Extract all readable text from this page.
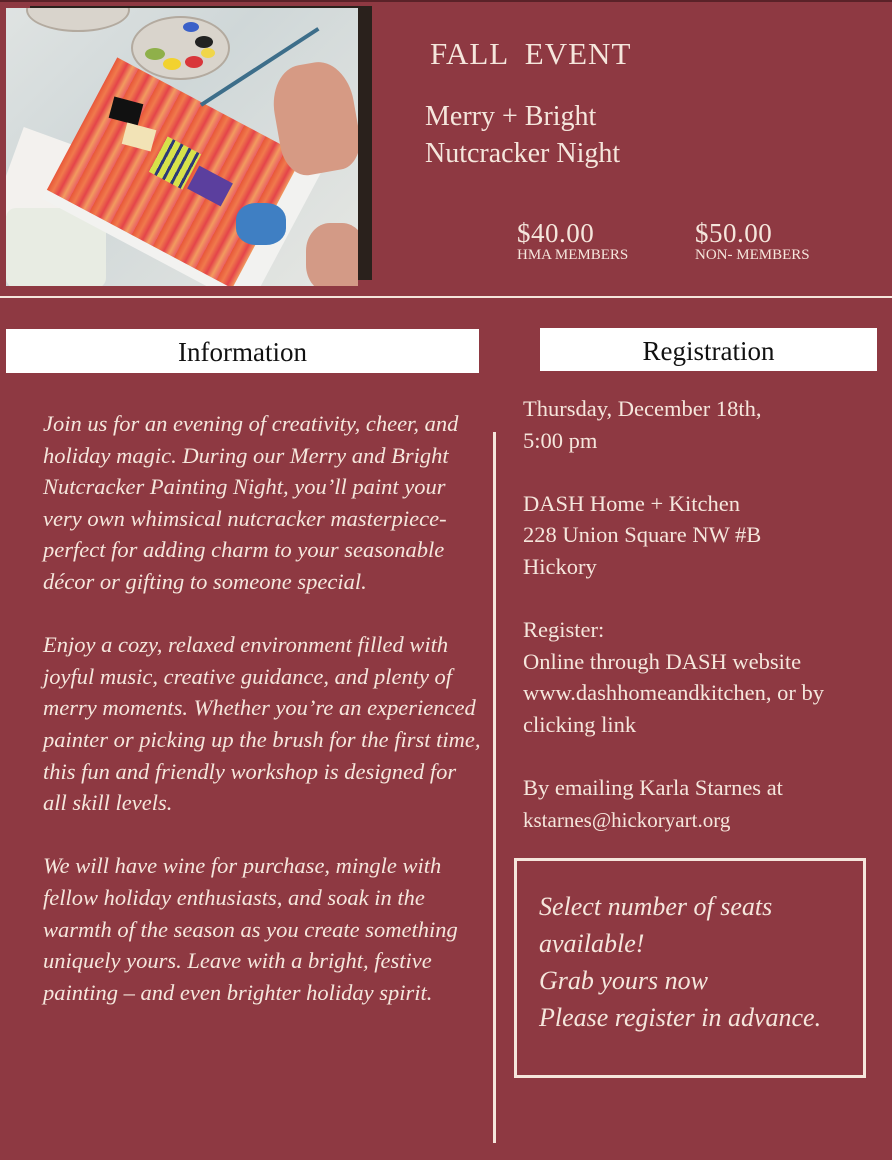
FALL EVENT
Merry + Bright
Nutcracker Night
$40.00
HMA MEMBERS
$50.00
NON- MEMBERS
Information	Registration

Join us for an evening of creativity, cheer, and holiday magic. During our Merry and Bright Nutcracker Painting Night, you’ll paint your very own whimsical nutcracker masterpiece- perfect for adding charm to your seasonable décor or gifting to someone special.

Enjoy a cozy, relaxed environment filled with joyful music, creative guidance, and plenty of merry moments. Whether you’re an experienced painter or picking up the brush for the first time, this fun and friendly workshop is designed for all skill levels.

We will have wine for purchase, mingle with fellow holiday enthusiasts, and soak in the warmth of the season as you create something uniquely yours. Leave with a bright, festive painting – and even brighter holiday spirit.

Thursday, December 18th,
5:00 pm

DASH Home + Kitchen
228 Union Square NW #B
Hickory

Register:
Online through DASH website
www.dashhomeandkitchen, or by
clicking link

By emailing Karla Starnes at
kstarnes@hickoryart.org

Select number of seats
available!
Grab yours now
Please register in advance.
